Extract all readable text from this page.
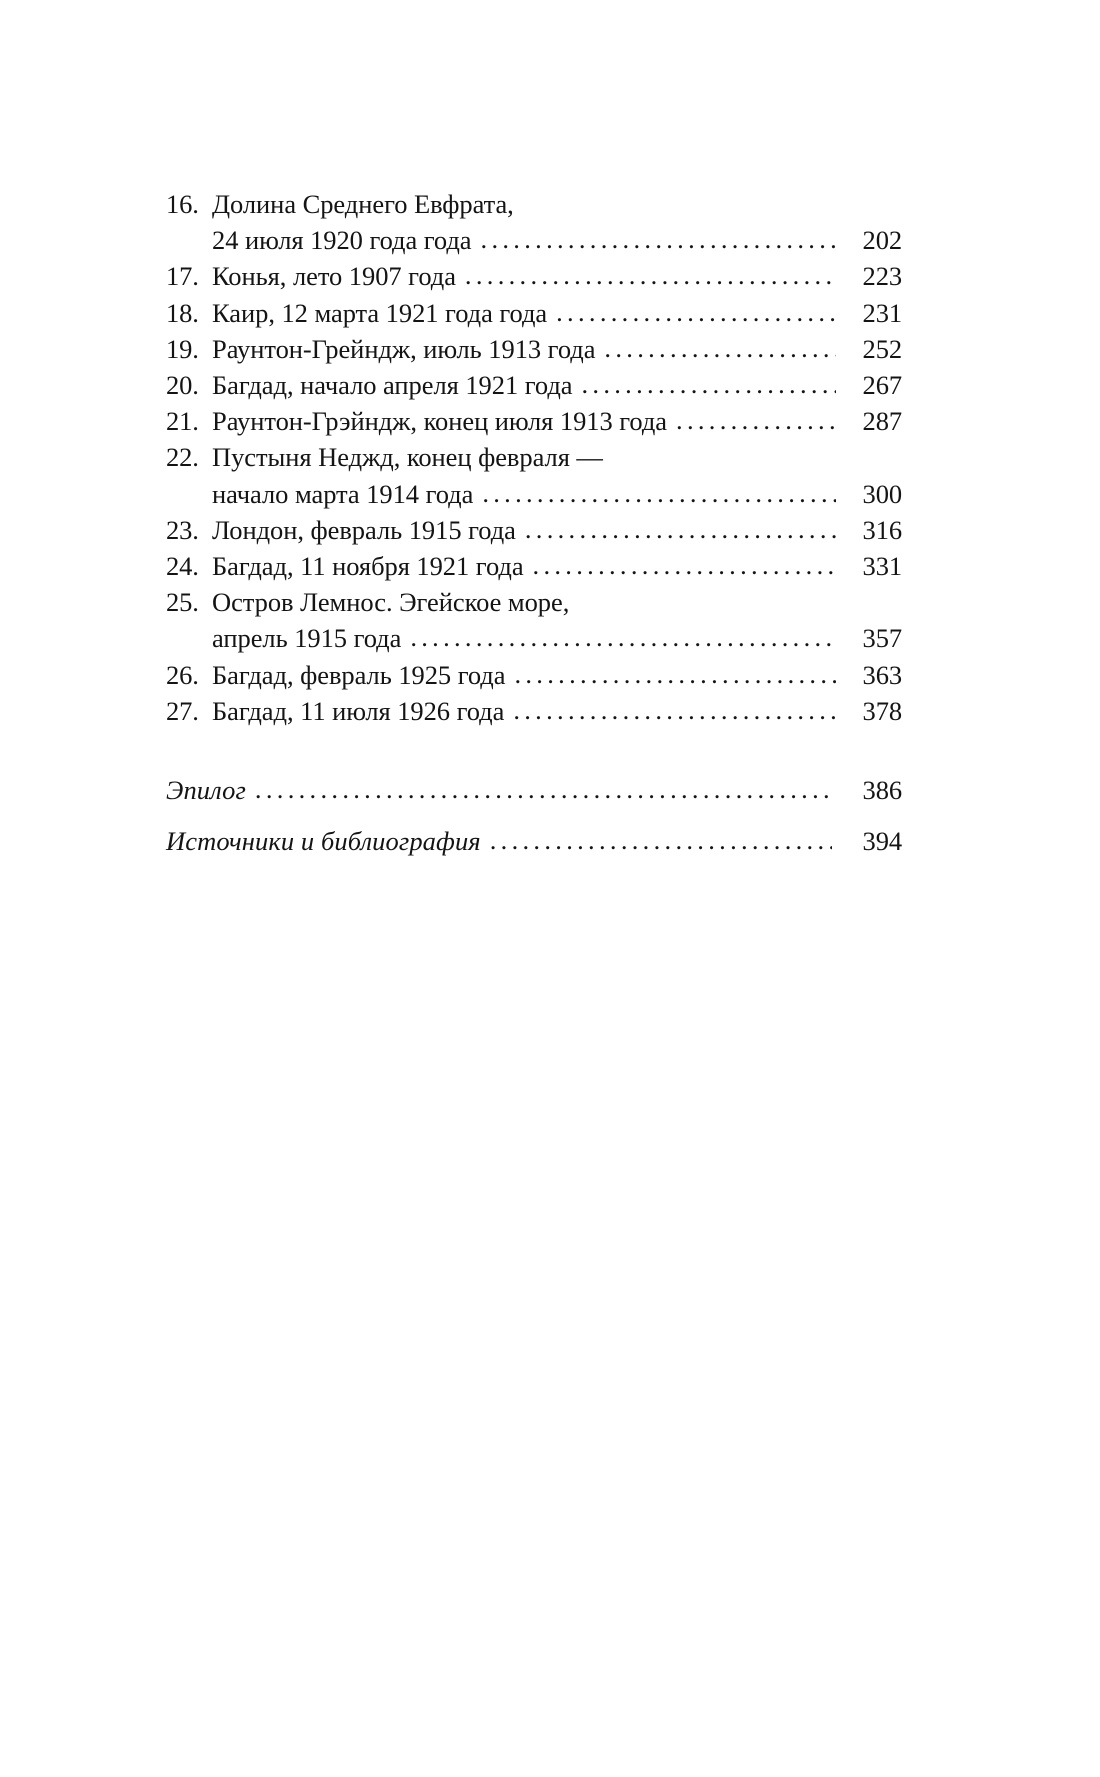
16. Долина Среднего Евфрата,
24 июля 1920 года года .....	202
17. Конья, лето 1907 года .....	223
18. Каир, 12 марта 1921 года года .....	231
19. Раунтон-Грейндж, июль 1913 года .....	252
20. Багдад, начало апреля 1921 года .....	267
21. Раунтон-Грэйндж, конец июля 1913 года .....	287
22. Пустыня Неджд, конец февраля —
начало марта 1914 года .....	300
23. Лондон, февраль 1915 года .....	316
24. Багдад, 11 ноября 1921 года .....	331
25. Остров Лемнос. Эгейское море,
апрель 1915 года .....	357
26. Багдад, февраль 1925 года .....	363
27. Багдад, 11 июля 1926 года .....	378
Эпилог .....	386
Источники и библиография .....	394
